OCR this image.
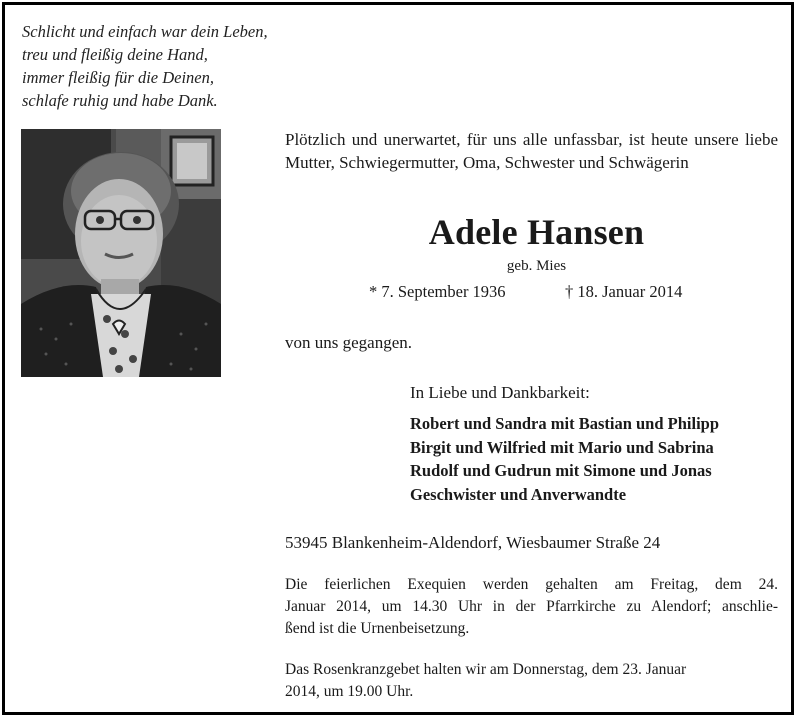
Schlicht und einfach war dein Leben,
treu und fleißig deine Hand,
immer fleißig für die Deinen,
schlafe ruhig und habe Dank.
Plötzlich und unerwartet, für uns alle unfassbar, ist heute unsere liebe Mutter, Schwiegermutter, Oma, Schwester und Schwägerin
Adele Hansen
geb. Mies
* 7. September 1936	† 18. Januar 2014
von uns gegangen.
In Liebe und Dankbarkeit:
Robert und Sandra mit Bastian und Philipp
Birgit und Wilfried mit Mario und Sabrina
Rudolf und Gudrun mit Simone und Jonas
Geschwister und Anverwandte
53945 Blankenheim-Aldendorf, Wiesbaumer Straße 24
Die feierlichen Exequien werden gehalten am Freitag, dem 24.
Januar 2014, um 14.30 Uhr in der Pfarrkirche zu Alendorf; anschlie-
ßend ist die Urnenbeisetzung.
Das Rosenkranzgebet halten wir am Donnerstag, dem 23. Januar
2014, um 19.00 Uhr.
